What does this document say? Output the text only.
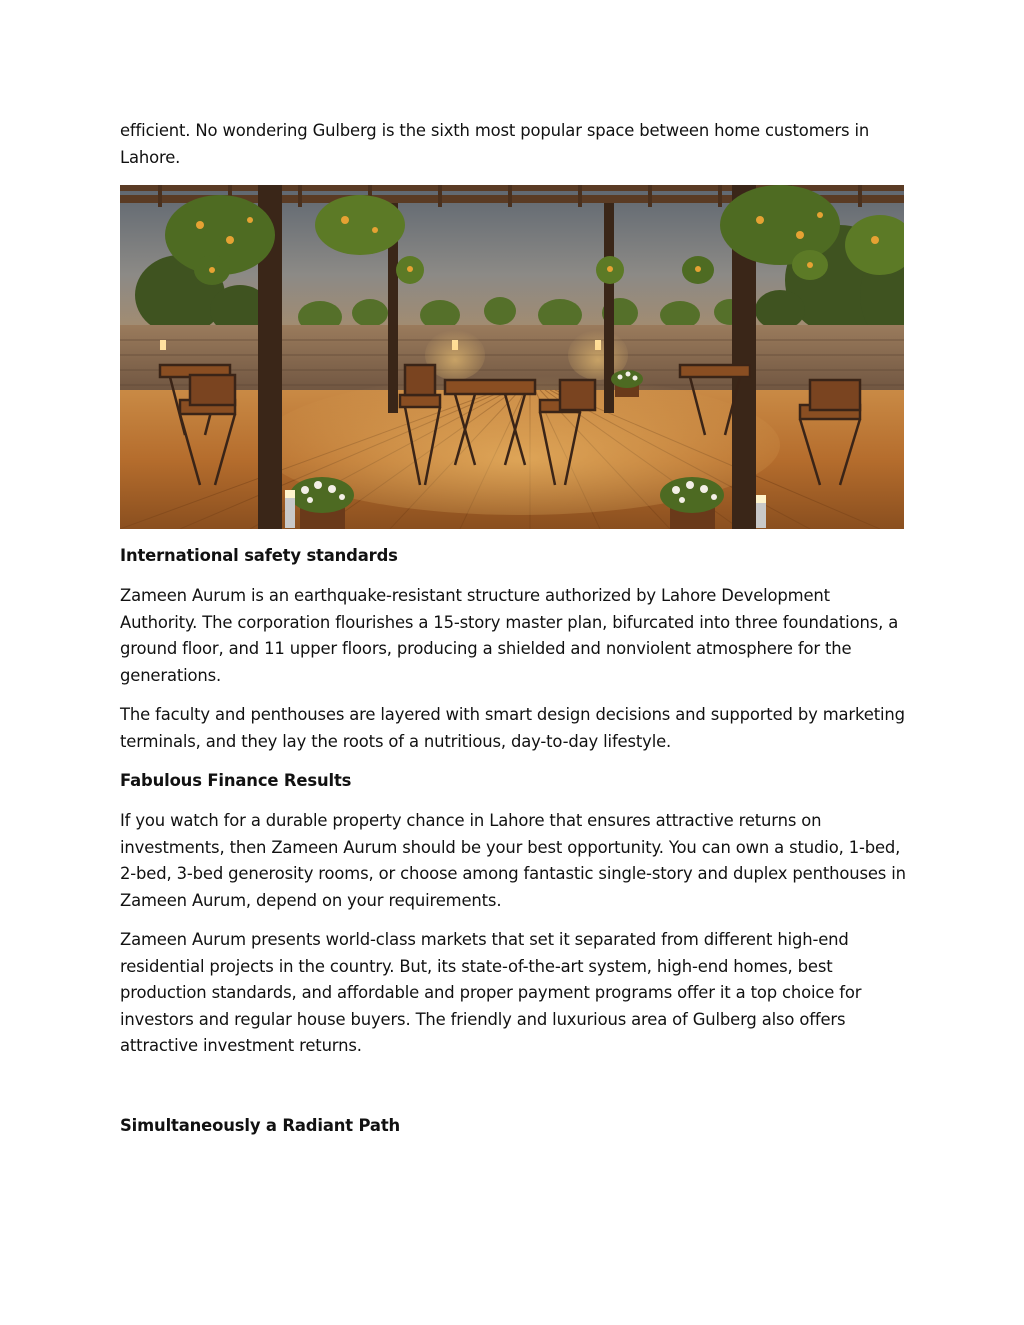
efficient. No wondering Gulberg is the sixth most popular space between home customers in Lahore.

International safety standards

Zameen Aurum is an earthquake-resistant structure authorized by Lahore Development Authority. The corporation flourishes a 15-story master plan, bifurcated into three foundations, a ground floor, and 11 upper floors, producing a shielded and nonviolent atmosphere for the generations.

The faculty and penthouses are layered with smart design decisions and supported by marketing terminals, and they lay the roots of a nutritious, day-to-day lifestyle.

Fabulous Finance Results

If you watch for a durable property chance in Lahore that ensures attractive returns on investments, then Zameen Aurum should be your best opportunity. You can own a studio, 1-bed, 2-bed, 3-bed generosity rooms, or choose among fantastic single-story and duplex penthouses in Zameen Aurum, depend on your requirements.

Zameen Aurum presents world-class markets that set it separated from different high-end residential projects in the country. But, its state-of-the-art system, high-end homes, best production standards, and affordable and proper payment programs offer it a top choice for investors and regular house buyers. The friendly and luxurious area of Gulberg also offers attractive investment returns.

Simultaneously a Radiant Path
